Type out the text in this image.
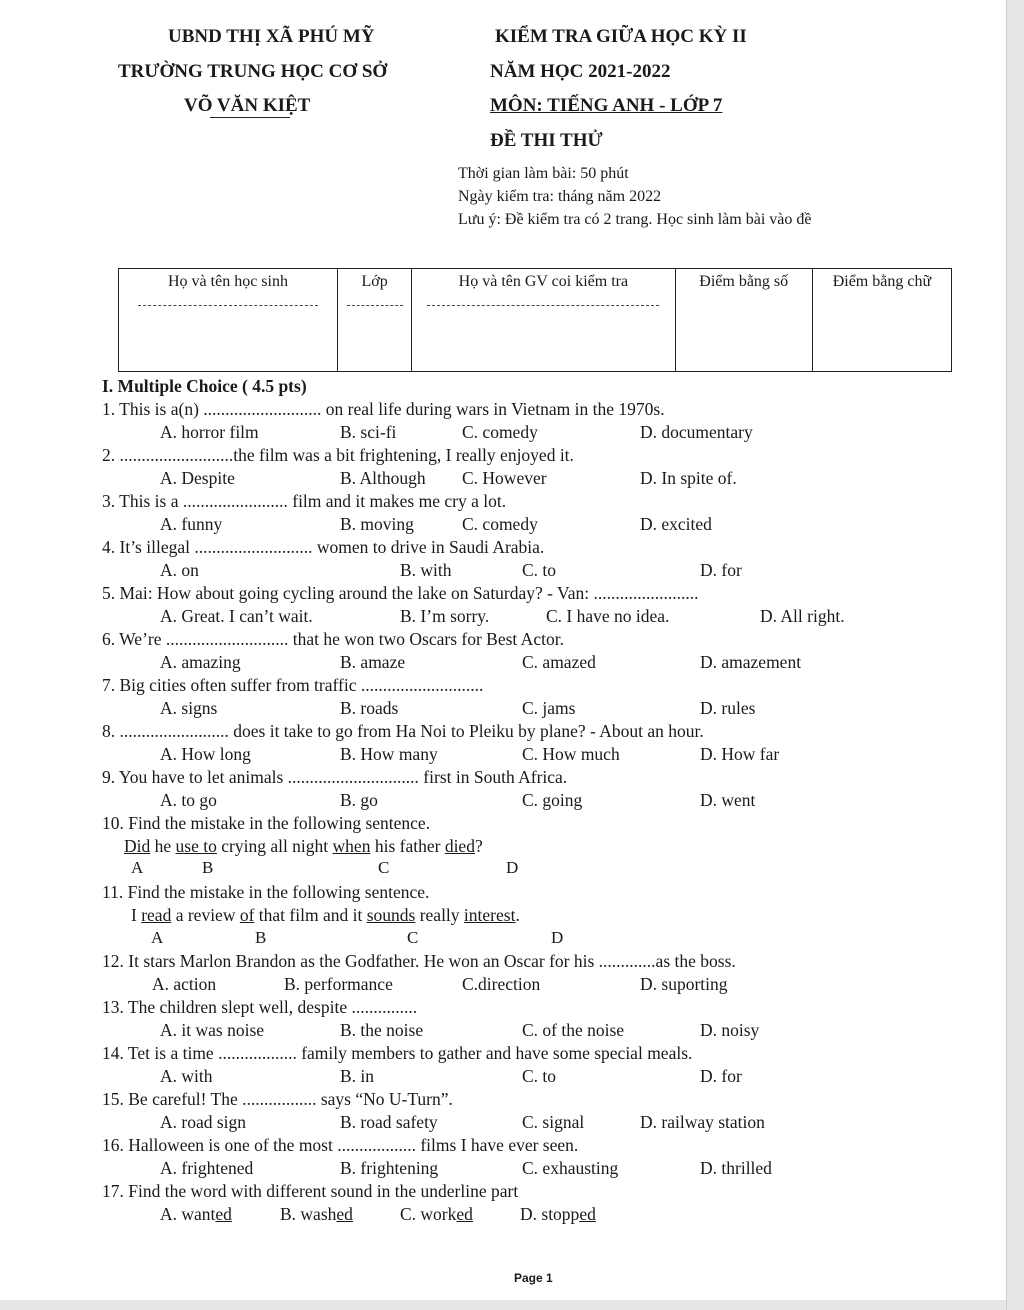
UBND THỊ XÃ PHÚ MỸ
TRƯỜNG TRUNG HỌC CƠ SỞ
VÕ VĂN KIỆT
KIỂM TRA GIỮA HỌC KỲ II
NĂM HỌC 2021-2022
MÔN: TIẾNG ANH - LỚP 7
ĐỀ THI THỬ
Thời gian làm bài: 50 phút
Ngày kiểm tra: tháng năm 2022
Lưu ý: Đề kiểm tra có 2 trang. Học sinh làm bài vào đề
Họ và tên học sinh	Lớp	Họ và tên GV coi kiểm tra	Điểm bằng số	Điểm bằng chữ
I. Multiple Choice ( 4.5 pts)
1. This is a(n) ........................... on real life during wars in Vietnam in the 1970s.
A. horror film	B. sci-fi	C. comedy	D. documentary
2. ..........................the film was a bit frightening, I really enjoyed it.
A. Despite	B. Although C. However	D. In spite of.
3. This is a ........................ film and it makes me cry a lot.
A. funny	B. moving	C. comedy	D. excited
4. It’s illegal ........................... women to drive in Saudi Arabia.
A. on	B. with	C. to	D. for
5. Mai: How about going cycling around the lake on Saturday? - Van: ........................
A. Great. I can’t wait.	B. I’m sorry.	C. I have no idea.	D. All right.
6. We’re ............................ that he won two Oscars for Best Actor.
A. amazing	B. amaze	C. amazed	D. amazement
7. Big cities often suffer from traffic ............................
A. signs	B. roads	C. jams	D. rules
8. ......................... does it take to go from Ha Noi to Pleiku by plane? - About an hour.
A. How long	B. How many	C. How much	D. How far
9. You have to let animals .............................. first in South Africa.
A. to go	B. go	C. going	D. went
10. Find the mistake in the following sentence.
Did he use to crying all night when his father died?
A	B	C	D
11. Find the mistake in the following sentence.
I read a review of that film and it sounds really interest.
A	B	C	D
12. It stars Marlon Brandon as the Godfather. He won an Oscar for his .............as the boss.
A. action	B. performance	C.direction	D. suporting
13. The children slept well, despite ...............
A. it was noise	B. the noise	C. of the noise	D. noisy
14. Tet is a time .................. family members to gather and have some special meals.
A. with	B. in	C. to	D. for
15. Be careful! The ................. says “No U-Turn”.
A. road sign	B. road safety	C. signal	D. railway station
16. Halloween is one of the most .................. films I have ever seen.
A. frightened	B. frightening	C. exhausting	D. thrilled
17. Find the word with different sound in the underline part
A. wanted	B. washed	C. worked	D. stopped
Page 1
